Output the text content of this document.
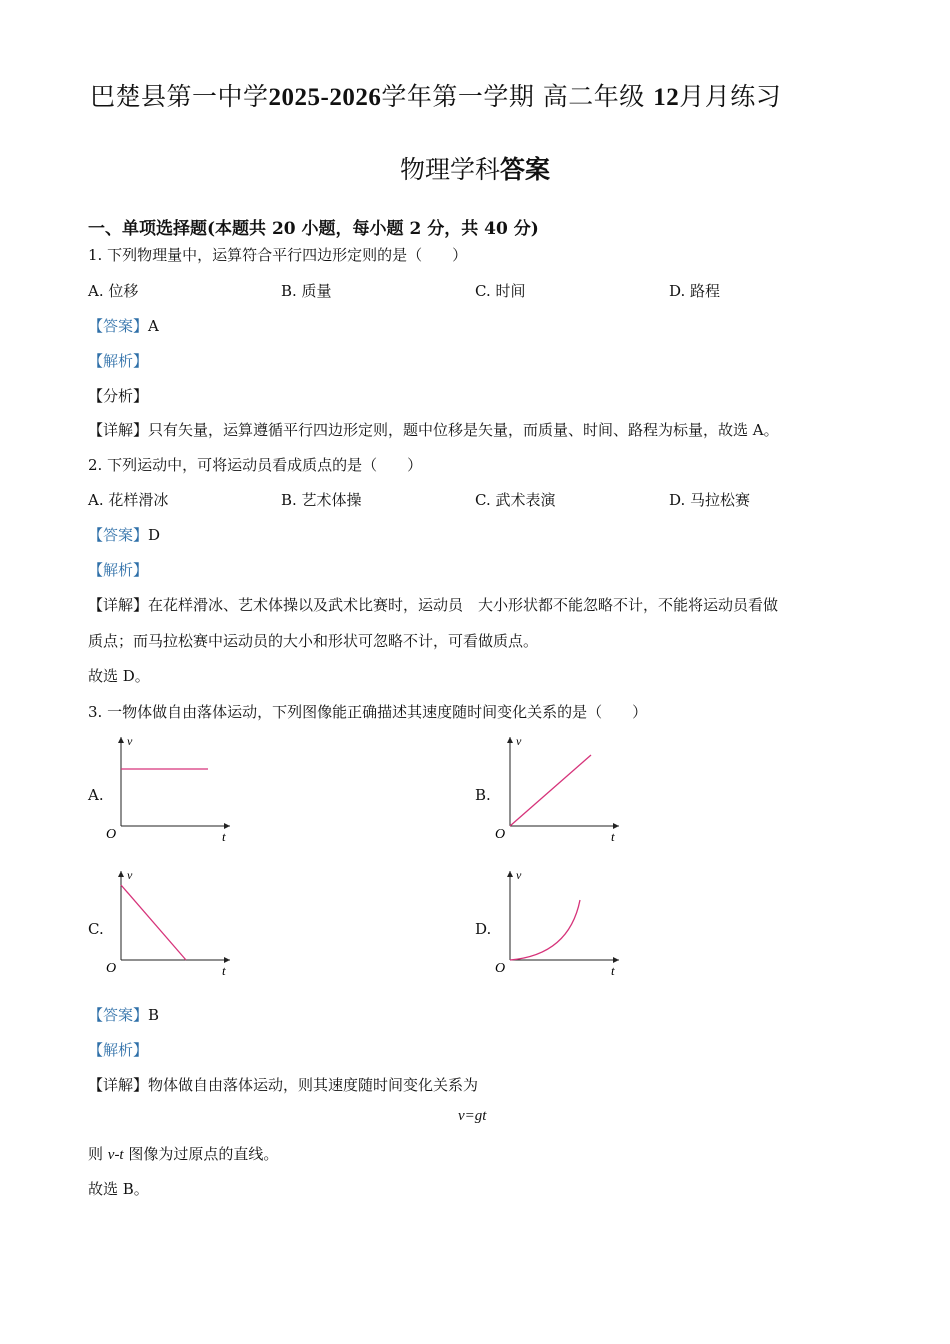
巴楚县第一中学2025-2026学年第一学期 高二年级 12月月练习
物理学科答案
一、单项选择题(本题共 20 小题，每小题 2 分，共 40 分)
1. 下列物理量中，运算符合平行四边形定则的是（　　）
A. 位移	B. 质量	C. 时间	D. 路程
【答案】A
【解析】
【分析】
【详解】只有矢量，运算遵循平行四边形定则，题中位移是矢量，而质量、时间、路程为标量，故选 A。
2. 下列运动中，可将运动员看成质点的是（　　）
A. 花样滑冰	B. 艺术体操	C. 武术表演	D. 马拉松赛
【答案】D
【解析】
【详解】在花样滑冰、艺术体操以及武术比赛时，运动员　大小形状都不能忽略不计，不能将运动员看做
质点；而马拉松赛中运动员的大小和形状可忽略不计，可看做质点。
故选 D。
3. 一物体做自由落体运动，下列图像能正确描述其速度随时间变化关系的是（　　）
A.
v
O	t
B.
v
O	t
C.
v
O	t
D.
v
O	t
【答案】B
【解析】
【详解】物体做自由落体运动，则其速度随时间变化关系为
v=gt
则 v-t 图像为过原点的直线。
故选 B。
